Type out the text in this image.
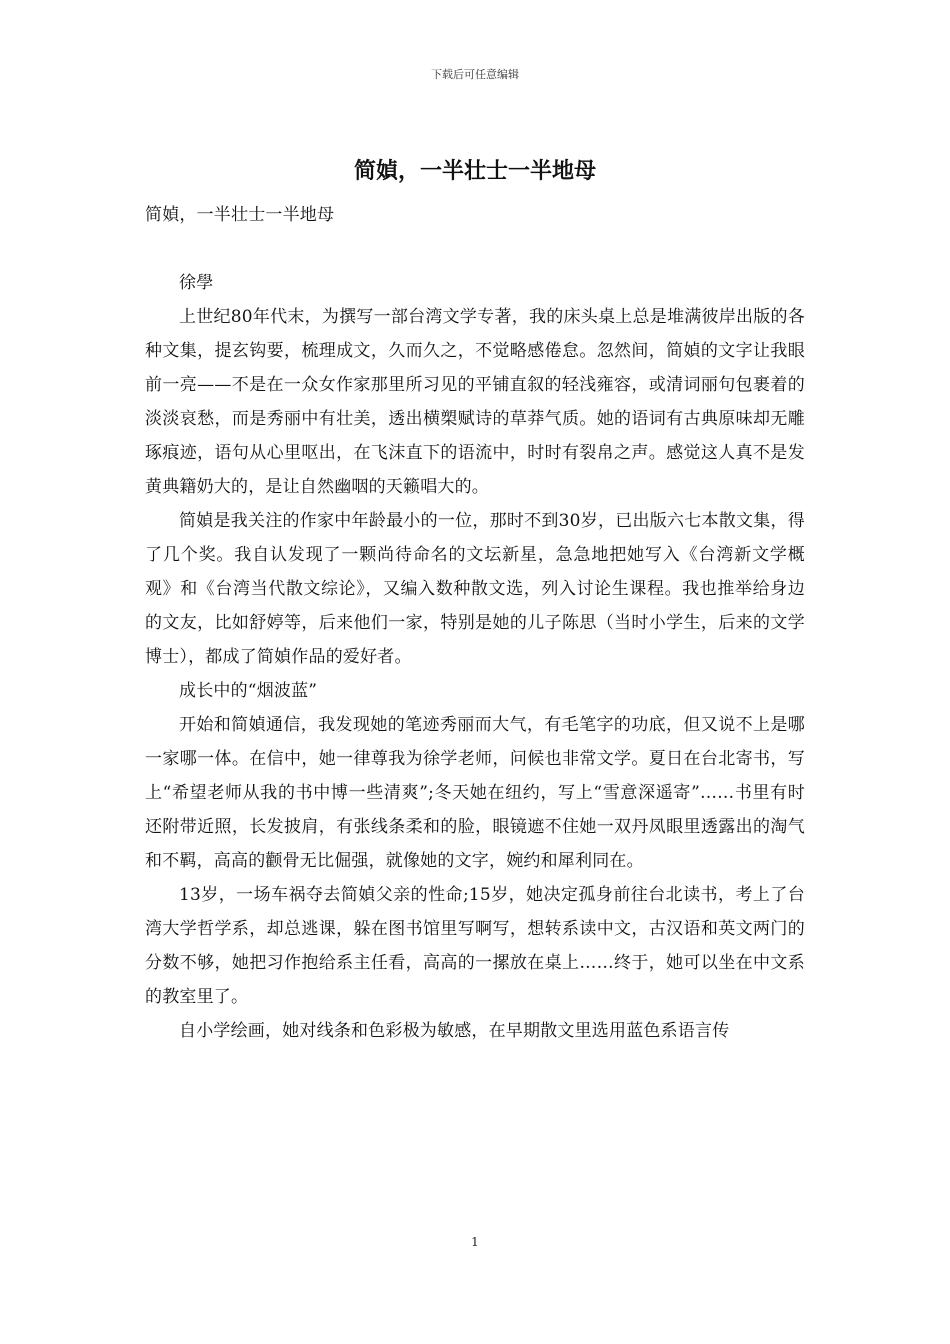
下载后可任意编辑
简媜，一半壮士一半地母

简媜，一半壮士一半地母

徐學

上世纪80年代末，为撰写一部台湾文学专著，我的床头桌上总是堆满彼岸出版的各种文集，提玄钩要，梳理成文，久而久之，不觉略感倦怠。忽然间，简媜的文字让我眼前一亮——不是在一众女作家那里所习见的平铺直叙的轻浅雍容，或清词丽句包裹着的淡淡哀愁，而是秀丽中有壮美，透出横槊赋诗的草莽气质。她的语词有古典原味却无雕琢痕迹，语句从心里呕出，在飞沫直下的语流中，时时有裂帛之声。感觉这人真不是发黄典籍奶大的，是让自然幽咽的天籁唱大的。

简媜是我关注的作家中年龄最小的一位，那时不到30岁，已出版六七本散文集，得了几个奖。我自认发现了一颗尚待命名的文坛新星，急急地把她写入《台湾新文学概观》和《台湾当代散文综论》，又编入数种散文选，列入讨论生课程。我也推举给身边的文友，比如舒婷等，后来他们一家，特别是她的儿子陈思（当时小学生，后来的文学博士），都成了简媜作品的爱好者。

成长中的“烟波蓝”

开始和简媜通信，我发现她的笔迹秀丽而大气，有毛笔字的功底，但又说不上是哪一家哪一体。在信中，她一律尊我为徐学老师，问候也非常文学。夏日在台北寄书，写上“希望老师从我的书中博一些清爽”;冬天她在纽约，写上“雪意深遥寄”……书里有时还附带近照，长发披肩，有张线条柔和的脸，眼镜遮不住她一双丹凤眼里透露出的淘气和不羁，高高的颧骨无比倔强，就像她的文字，婉约和犀利同在。

13岁，一场车祸夺去简媜父亲的性命;15岁，她决定孤身前往台北读书，考上了台湾大学哲学系，却总逃课，躲在图书馆里写啊写，想转系读中文，古汉语和英文两门的分数不够，她把习作抱给系主任看，高高的一摞放在桌上……终于，她可以坐在中文系的教室里了。

自小学绘画，她对线条和色彩极为敏感，在早期散文里选用蓝色系语言传

1
